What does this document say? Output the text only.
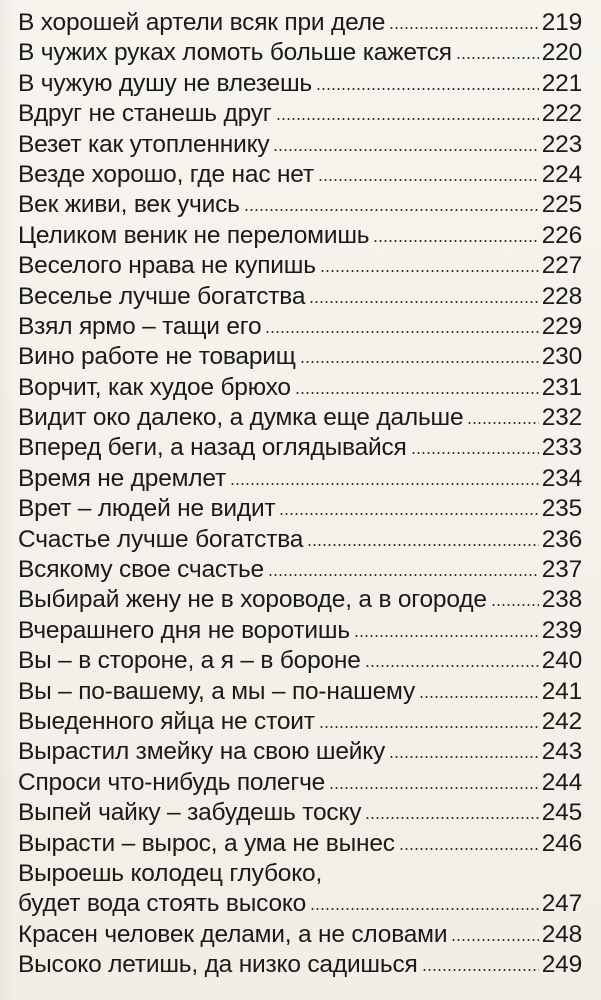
В хорошей артели всяк при деле	219
В чужих руках ломоть больше кажется	220
В чужую душу не влезешь	221
Вдруг не станешь друг	222
Везет как утопленнику	223
Везде хорошо, где нас нет	224
Век живи, век учись	225
Целиком веник не переломишь	226
Веселого нрава не купишь	227
Веселье лучше богатства	228
Взял ярмо – тащи его	229
Вино работе не товарищ	230
Ворчит, как худое брюхо	231
Видит око далеко, а думка еще дальше	232
Вперед беги, а назад оглядывайся	233
Время не дремлет	234
Врет – людей не видит	235
Счастье лучше богатства	236
Всякому свое счастье	237
Выбирай жену не в хороводе, а в огороде 238
Вчерашнего дня не воротишь	239
Вы – в стороне, а я – в бороне	240
Вы – по-вашему, а мы – по-нашему	241
Выеденного яйца не стоит	242
Вырастил змейку на свою шейку	243
Спроси что-нибудь полегче	244
Выпей чайку – забудешь тоску	245
Вырасти – вырос, а ума не вынес	246
Выроешь колодец глубоко,
будет вода стоять высоко	247
Красен человек делами, а не словами	248
Высоко летишь, да низко садишься	249
